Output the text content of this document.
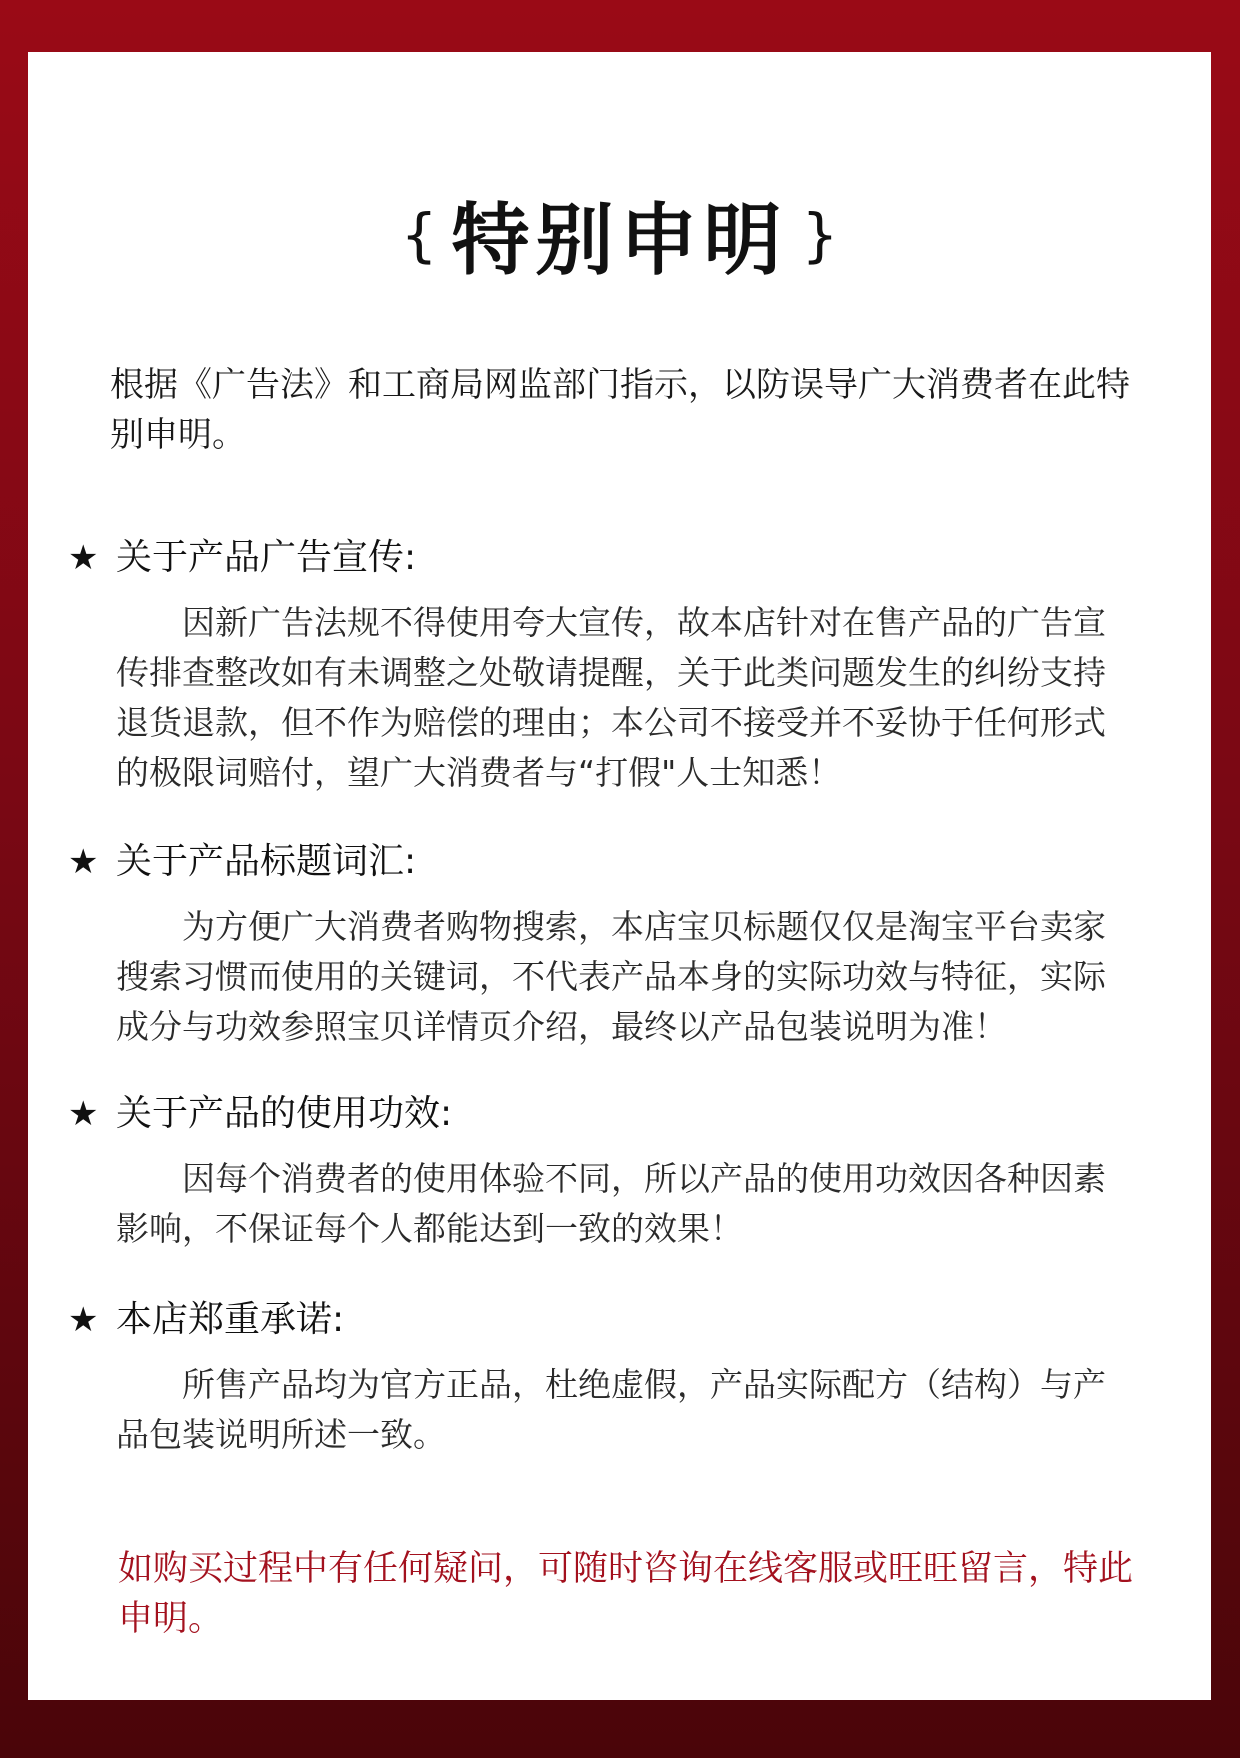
{ 特别申明 }

根据《广告法》和工商局网监部门指示，以防误导广大消费者在此特别申明。

★ 关于产品广告宣传:
因新广告法规不得使用夸大宣传，故本店针对在售产品的广告宣传排查整改如有未调整之处敬请提醒，关于此类问题发生的纠纷支持退货退款，但不作为赔偿的理由；本公司不接受并不妥协于任何形式的极限词赔付，望广大消费者与“打假"人士知悉！
★ 关于产品标题词汇:
为方便广大消费者购物搜索，本店宝贝标题仅仅是淘宝平台卖家搜索习惯而使用的关键词，不代表产品本身的实际功效与特征，实际成分与功效参照宝贝详情页介绍，最终以产品包装说明为准！
★ 关于产品的使用功效:
因每个消费者的使用体验不同，所以产品的使用功效因各种因素影响，不保证每个人都能达到一致的效果！
★ 本店郑重承诺:
所售产品均为官方正品，杜绝虚假，产品实际配方（结构）与产品包装说明所述一致。

如购买过程中有任何疑问，可随时咨询在线客服或旺旺留言，特此申明。
